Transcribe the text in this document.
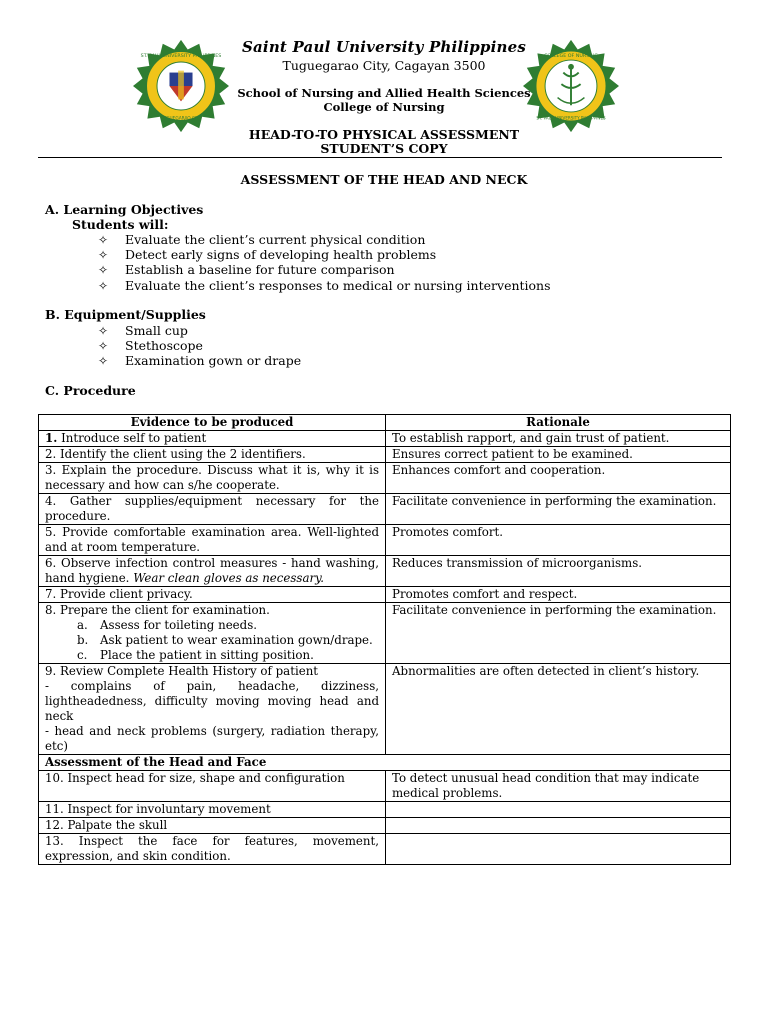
ST. PAUL UNIVERSITY PHILIPPINES
TUGUEGARAO CITY
COLLEGE OF NURSING
ST. PAUL UNIVERSITY PHILIPPINES
Saint Paul University Philippines
Tuguegarao City, Cagayan 3500
School of Nursing and Allied Health Sciences
College of Nursing
HEAD-TO-TO PHYSICAL ASSESSMENT
STUDENT’S COPY
ASSESSMENT OF THE HEAD AND NECK
A. Learning Objectives
Students will:
✧ Evaluate the client’s current physical condition
✧ Detect early signs of developing health problems
✧ Establish a baseline for future comparison
✧ Evaluate the client’s responses to medical or nursing interventions
B. Equipment/Supplies
✧ Small cup
✧ Stethoscope
✧ Examination gown or drape
C. Procedure
Evidence to be produced	Rationale
1. Introduce self to patient	To establish rapport, and gain trust of patient.
2. Identify the client using the 2 identifiers.	Ensures correct patient to be examined.
3. Explain the procedure. Discuss what it is, why it is necessary and how can s/he cooperate.	Enhances comfort and cooperation.
4. Gather supplies/equipment necessary for the procedure.	Facilitate convenience in performing the examination.
5. Provide comfortable examination area. Well-lighted and at room temperature.	Promotes comfort.
6. Observe infection control measures - hand washing, hand hygiene. Wear clean gloves as necessary.	Reduces transmission of microorganisms.
7. Provide client privacy.	Promotes comfort and respect.
8. Prepare the client for examination.
a. Assess for toileting needs.
b. Ask patient to wear examination gown/drape.
c. Place the patient in sitting position.	Facilitate convenience in performing the examination.
9. Review Complete Health History of patient
- complains of pain, headache, dizziness, lightheadedness, difficulty moving moving head and neck
- head and neck problems (surgery, radiation therapy, etc)	Abnormalities are often detected in client’s history.
Assessment of the Head and Face	
10. Inspect head for size, shape and configuration	To detect unusual head condition that may indicate medical problems.
11. Inspect for involuntary movement	
12. Palpate the skull	
13. Inspect the face for features, movement, expression, and skin condition.	
